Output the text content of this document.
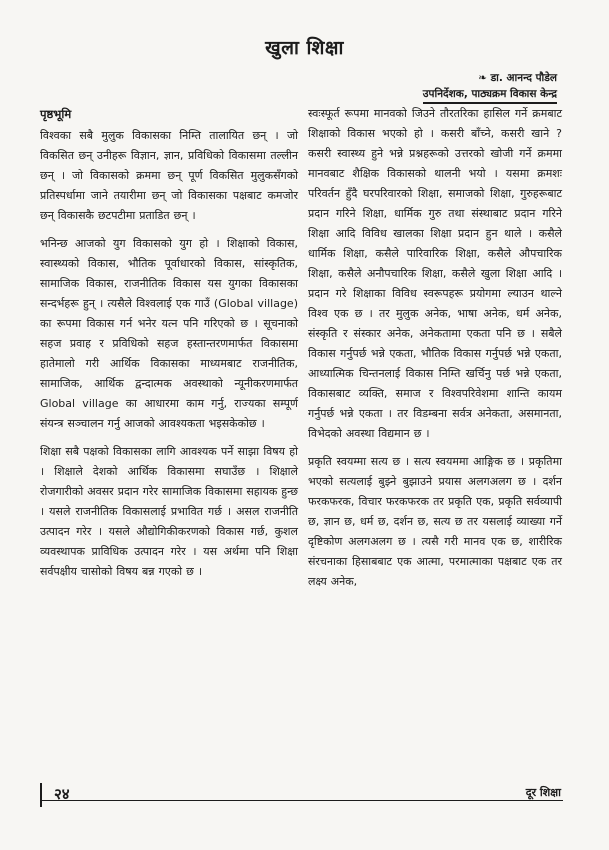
खुला शिक्षा
❧ डा. आनन्द पौडेल
उपनिर्देशक, पाठ्यक्रम विकास केन्द्र
पृष्ठभूमि

विश्वका सबै मुलुक विकासका निम्ति तालायित छन् । जो विकसित छन् उनीहरू विज्ञान, ज्ञान, प्रविधिको विकासमा तल्लीन छन् । जो विकासको क्रममा छन् पूर्ण विकसित मुलुकसँगको प्रतिस्पर्धामा जाने तयारीमा छन् जो विकासका पक्षबाट कमजोर छन् विकासकै छटपटीमा प्रताडित छन् ।

भनिन्छ आजको युग विकासको युग हो । शिक्षाको विकास, स्वास्थ्यको विकास, भौतिक पूर्वाधारको विकास, सांस्कृतिक, सामाजिक विकास, राजनीतिक विकास यस युगका विकासका सन्दर्भहरू हुन् । त्यसैले विश्वलाई एक गाउँ (Global village) का रूपमा विकास गर्न भनेर यत्न पनि गरिएको छ । सूचनाको सहज प्रवाह र प्रविधिको सहज हस्तान्तरणमार्फत विकासमा हातेमालो गरी आर्थिक विकासका माध्यमबाट राजनीतिक, सामाजिक, आर्थिक द्वन्दात्मक अवस्थाको न्यूनीकरणमार्फत Global village का आधारमा काम गर्नु, राज्यका सम्पूर्ण संयन्त्र सञ्चालन गर्नु आजको आवश्यकता भइसकेकोछ ।

शिक्षा सबै पक्षको विकासका लागि आवश्यक पर्ने साझा विषय हो । शिक्षाले देशको आर्थिक विकासमा सघाउँछ । शिक्षाले रोजगारीको अवसर प्रदान गरेर सामाजिक विकासमा सहायक हुन्छ । यसले राजनीतिक विकासलाई प्रभावित गर्छ । असल राजनीति उत्पादन गरेर । यसले औद्योगिकीकरणको विकास गर्छ, कुशल व्यवस्थापक प्राविधिक उत्पादन गरेर । यस अर्थमा पनि शिक्षा सर्वपक्षीय चासोको विषय बन्न गएको छ ।

स्वःस्फूर्त रूपमा मानवको जिउने तौरतरिका हासिल गर्ने क्रमबाट शिक्षाको विकास भएको हो । कसरी बाँच्ने, कसरी खाने ? कसरी स्वास्थ्य हुने भन्ने प्रश्नहरूको उत्तरको खोजी गर्ने क्रममा मानवबाट शैक्षिक विकासको थालनी भयो । यसमा क्रमशः परिवर्तन हुँदै घरपरिवारको शिक्षा, समाजको शिक्षा, गुरुहरूबाट प्रदान गरिने शिक्षा, धार्मिक गुरु तथा संस्थाबाट प्रदान गरिने शिक्षा आदि विविध खालका शिक्षा प्रदान हुन थाले । कसैले धार्मिक शिक्षा, कसैले पारिवारिक शिक्षा, कसैले औपचारिक शिक्षा, कसैले अनौपचारिक शिक्षा, कसैले खुला शिक्षा आदि । प्रदान गरे शिक्षाका विविध स्वरूपहरू प्रयोगमा ल्याउन थाल्ने विश्व एक छ । तर मुलुक अनेक, भाषा अनेक, धर्म अनेक, संस्कृति र संस्कार अनेक, अनेकतामा एकता पनि छ । सबैले विकास गर्नुपर्छ भन्ने एकता, भौतिक विकास गर्नुपर्छ भन्ने एकता, आध्यात्मिक चिन्तनलाई विकास निम्ति खर्चिनु पर्छ भन्ने एकता, विकासबाट व्यक्ति, समाज र विश्वपरिवेशमा शान्ति कायम गर्नुपर्छ भन्ने एकता । तर विडम्बना सर्वत्र अनेकता, असमानता, विभेदको अवस्था विद्यमान छ ।

प्रकृति स्वयम्मा सत्य छ । सत्य स्वयममा आङ्गिक छ । प्रकृतिमा भएको सत्यलाई बुझ्ने बुझाउने प्रयास अलगअलग छ । दर्शन फरकफरक, विचार फरकफरक तर प्रकृति एक, प्रकृति सर्वव्यापी छ, ज्ञान छ, धर्म छ, दर्शन छ, सत्य छ तर यसलाई व्याख्या गर्ने दृष्टिकोण अलगअलग छ । त्यसै गरी मानव एक छ, शारीरिक संरचनाका हिसाबबाट एक आत्मा, परमात्माका पक्षबाट एक तर लक्ष्य अनेक,

२४	दूर शिक्षा
